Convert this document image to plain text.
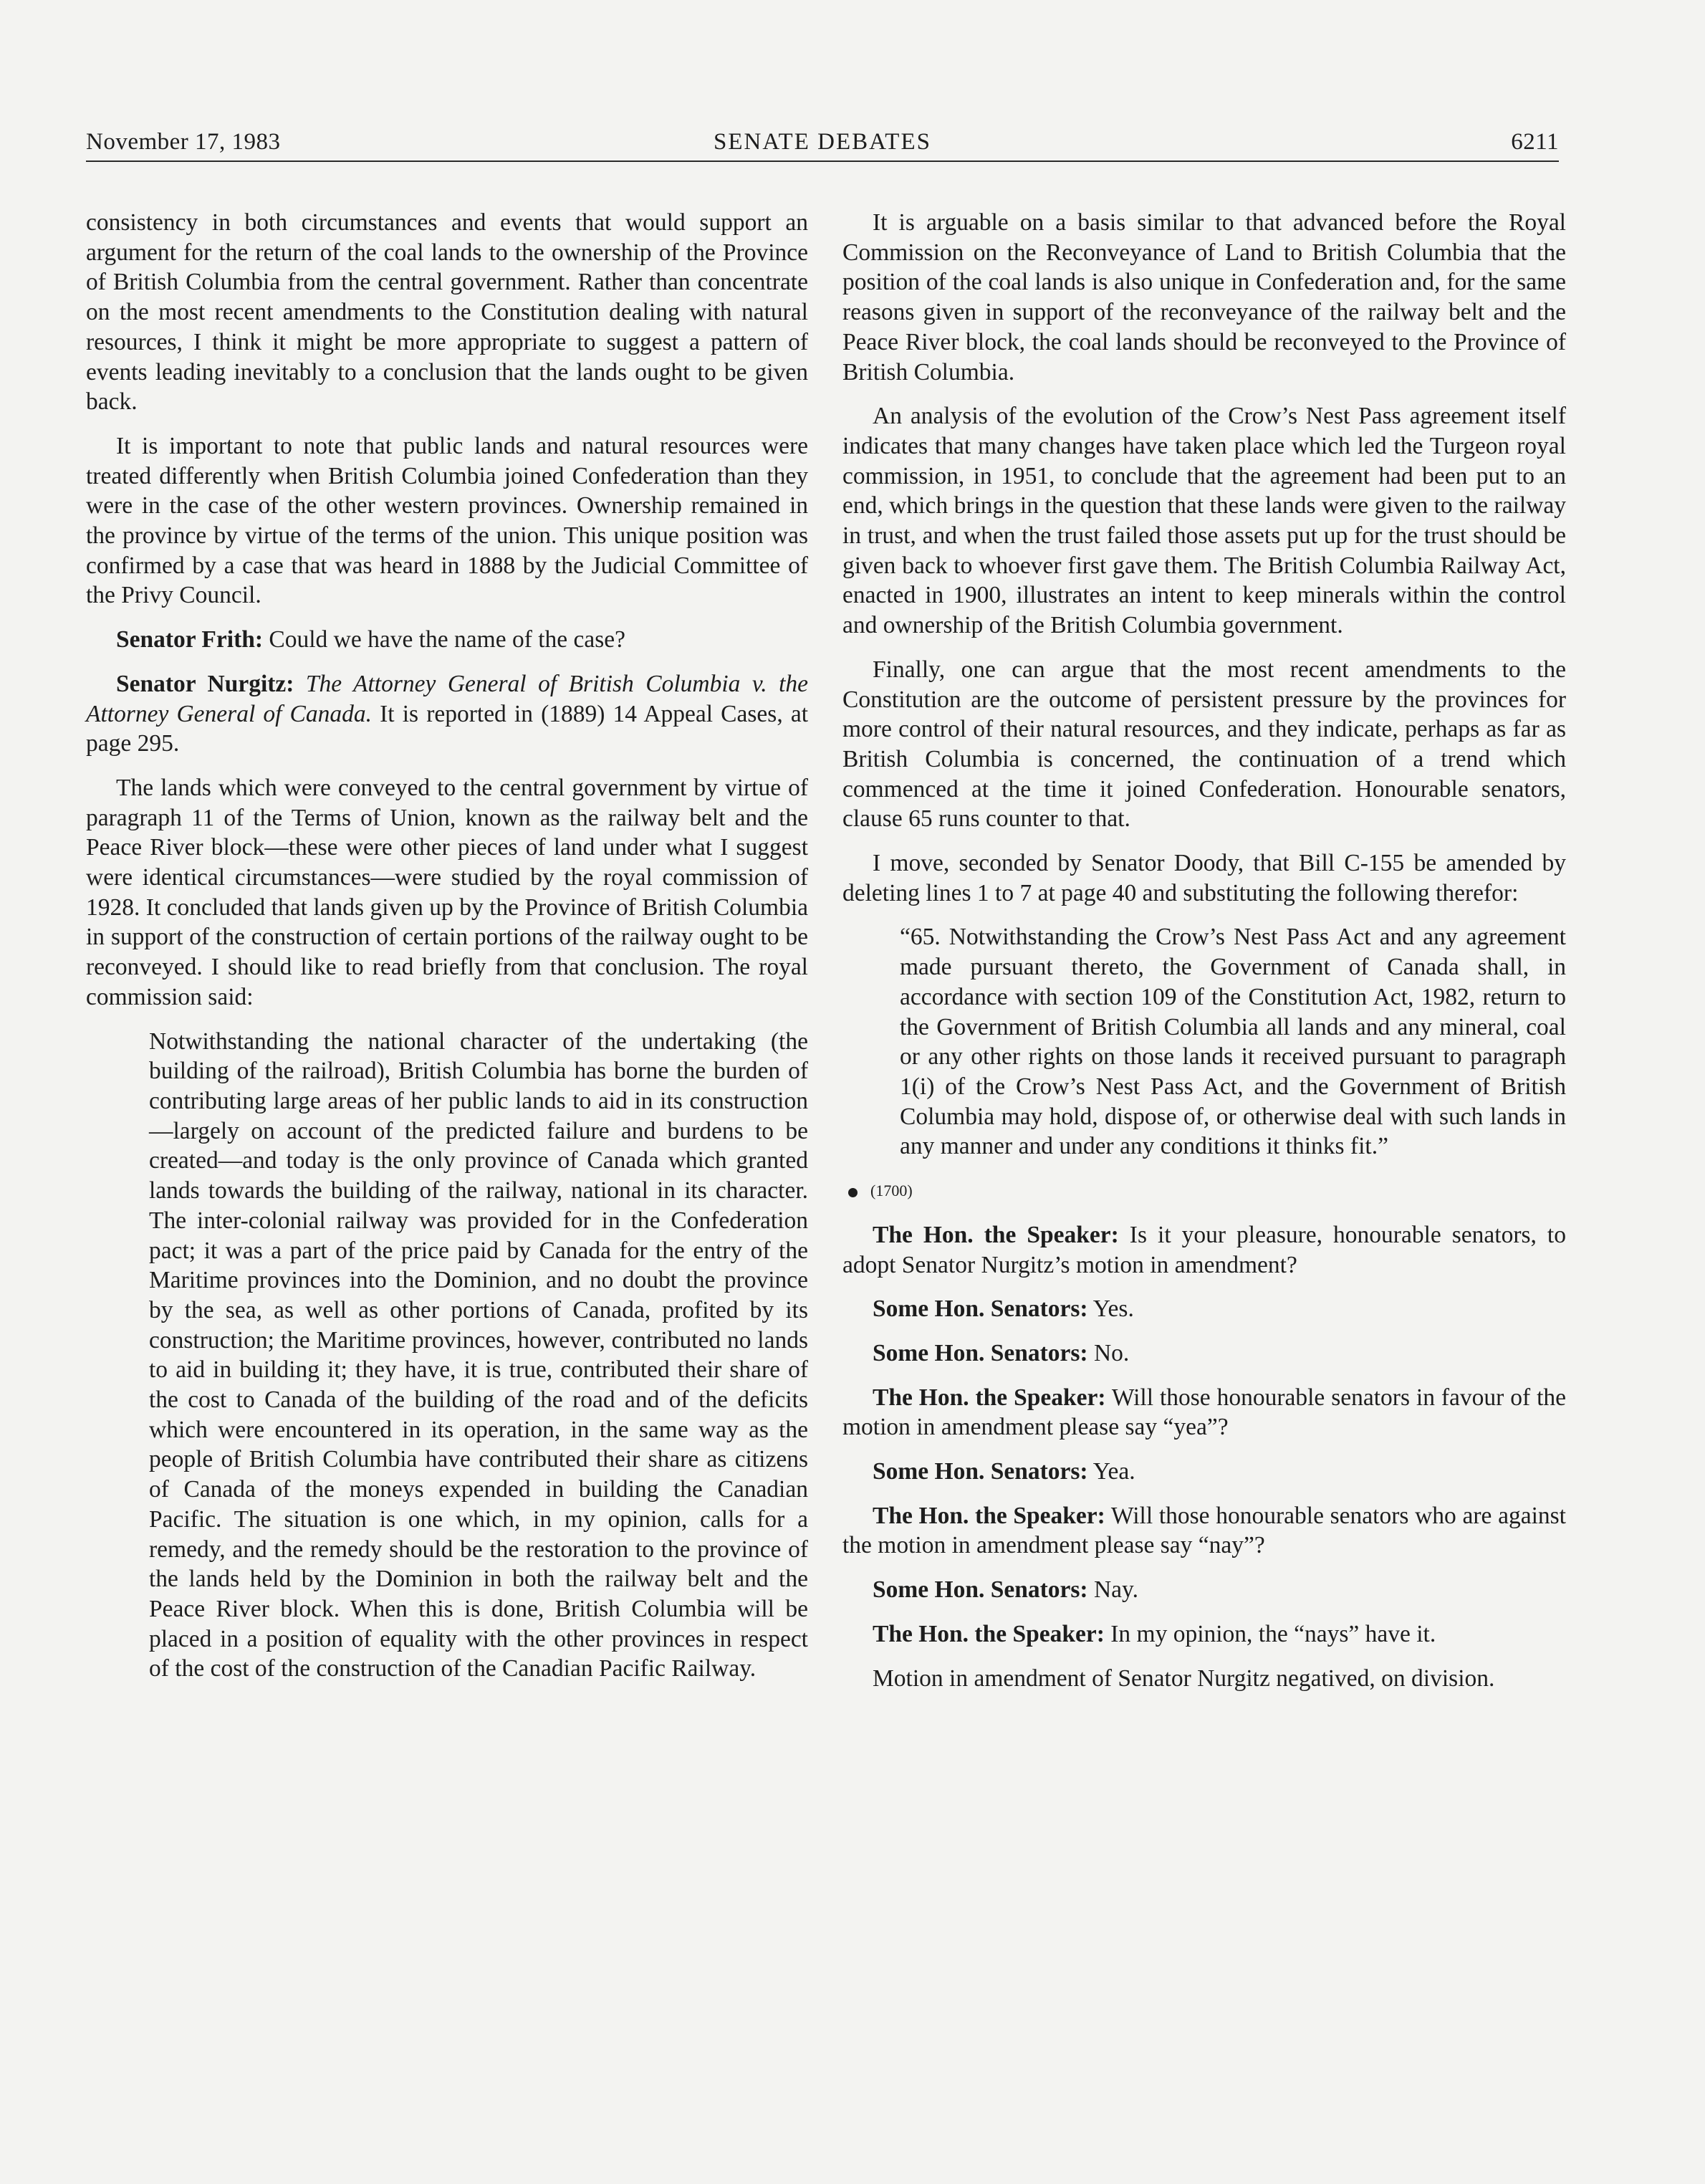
November 17, 1983	SENATE DEBATES	6211

consistency in both circumstances and events that would support an argument for the return of the coal lands to the ownership of the Province of British Columbia from the central government. Rather than concentrate on the most recent amendments to the Constitution dealing with natural resources, I think it might be more appropriate to suggest a pattern of events leading inevitably to a conclusion that the lands ought to be given back.

It is important to note that public lands and natural resources were treated differently when British Columbia joined Confederation than they were in the case of the other western provinces. Ownership remained in the province by virtue of the terms of the union. This unique position was confirmed by a case that was heard in 1888 by the Judicial Committee of the Privy Council.

Senator Frith: Could we have the name of the case?

Senator Nurgitz: The Attorney General of British Columbia v. the Attorney General of Canada. It is reported in (1889) 14 Appeal Cases, at page 295.

The lands which were conveyed to the central government by virtue of paragraph 11 of the Terms of Union, known as the railway belt and the Peace River block—these were other pieces of land under what I suggest were identical circumstances—were studied by the royal commission of 1928. It concluded that lands given up by the Province of British Columbia in support of the construction of certain portions of the railway ought to be reconveyed. I should like to read briefly from that conclusion. The royal commission said:

Notwithstanding the national character of the undertaking (the building of the railroad), British Columbia has borne the burden of contributing large areas of her public lands to aid in its construction—largely on account of the predicted failure and burdens to be created—and today is the only province of Canada which granted lands towards the building of the railway, national in its character. The inter-colonial railway was provided for in the Confederation pact; it was a part of the price paid by Canada for the entry of the Maritime provinces into the Dominion, and no doubt the province by the sea, as well as other portions of Canada, profited by its construction; the Maritime provinces, however, contributed no lands to aid in building it; they have, it is true, contributed their share of the cost to Canada of the building of the road and of the deficits which were encountered in its operation, in the same way as the people of British Columbia have contributed their share as citizens of Canada of the moneys expended in building the Canadian Pacific. The situation is one which, in my opinion, calls for a remedy, and the remedy should be the restoration to the province of the lands held by the Dominion in both the railway belt and the Peace River block. When this is done, British Columbia will be placed in a position of equality with the other provinces in respect of the cost of the construction of the Canadian Pacific Railway.

It is arguable on a basis similar to that advanced before the Royal Commission on the Reconveyance of Land to British Columbia that the position of the coal lands is also unique in Confederation and, for the same reasons given in support of the reconveyance of the railway belt and the Peace River block, the coal lands should be reconveyed to the Province of British Columbia.

An analysis of the evolution of the Crow’s Nest Pass agreement itself indicates that many changes have taken place which led the Turgeon royal commission, in 1951, to conclude that the agreement had been put to an end, which brings in the question that these lands were given to the railway in trust, and when the trust failed those assets put up for the trust should be given back to whoever first gave them. The British Columbia Railway Act, enacted in 1900, illustrates an intent to keep minerals within the control and ownership of the British Columbia government.

Finally, one can argue that the most recent amendments to the Constitution are the outcome of persistent pressure by the provinces for more control of their natural resources, and they indicate, perhaps as far as British Columbia is concerned, the continuation of a trend which commenced at the time it joined Confederation. Honourable senators, clause 65 runs counter to that.

I move, seconded by Senator Doody, that Bill C-155 be amended by deleting lines 1 to 7 at page 40 and substituting the following therefor:

“65. Notwithstanding the Crow’s Nest Pass Act and any agreement made pursuant thereto, the Government of Canada shall, in accordance with section 109 of the Constitution Act, 1982, return to the Government of British Columbia all lands and any mineral, coal or any other rights on those lands it received pursuant to paragraph 1(i) of the Crow’s Nest Pass Act, and the Government of British Columbia may hold, dispose of, or otherwise deal with such lands in any manner and under any conditions it thinks fit.”

(1700)

The Hon. the Speaker: Is it your pleasure, honourable senators, to adopt Senator Nurgitz’s motion in amendment?

Some Hon. Senators: Yes.

Some Hon. Senators: No.

The Hon. the Speaker: Will those honourable senators in favour of the motion in amendment please say “yea”?

Some Hon. Senators: Yea.

The Hon. the Speaker: Will those honourable senators who are against the motion in amendment please say “nay”?

Some Hon. Senators: Nay.

The Hon. the Speaker: In my opinion, the “nays” have it.

Motion in amendment of Senator Nurgitz negatived, on division.
